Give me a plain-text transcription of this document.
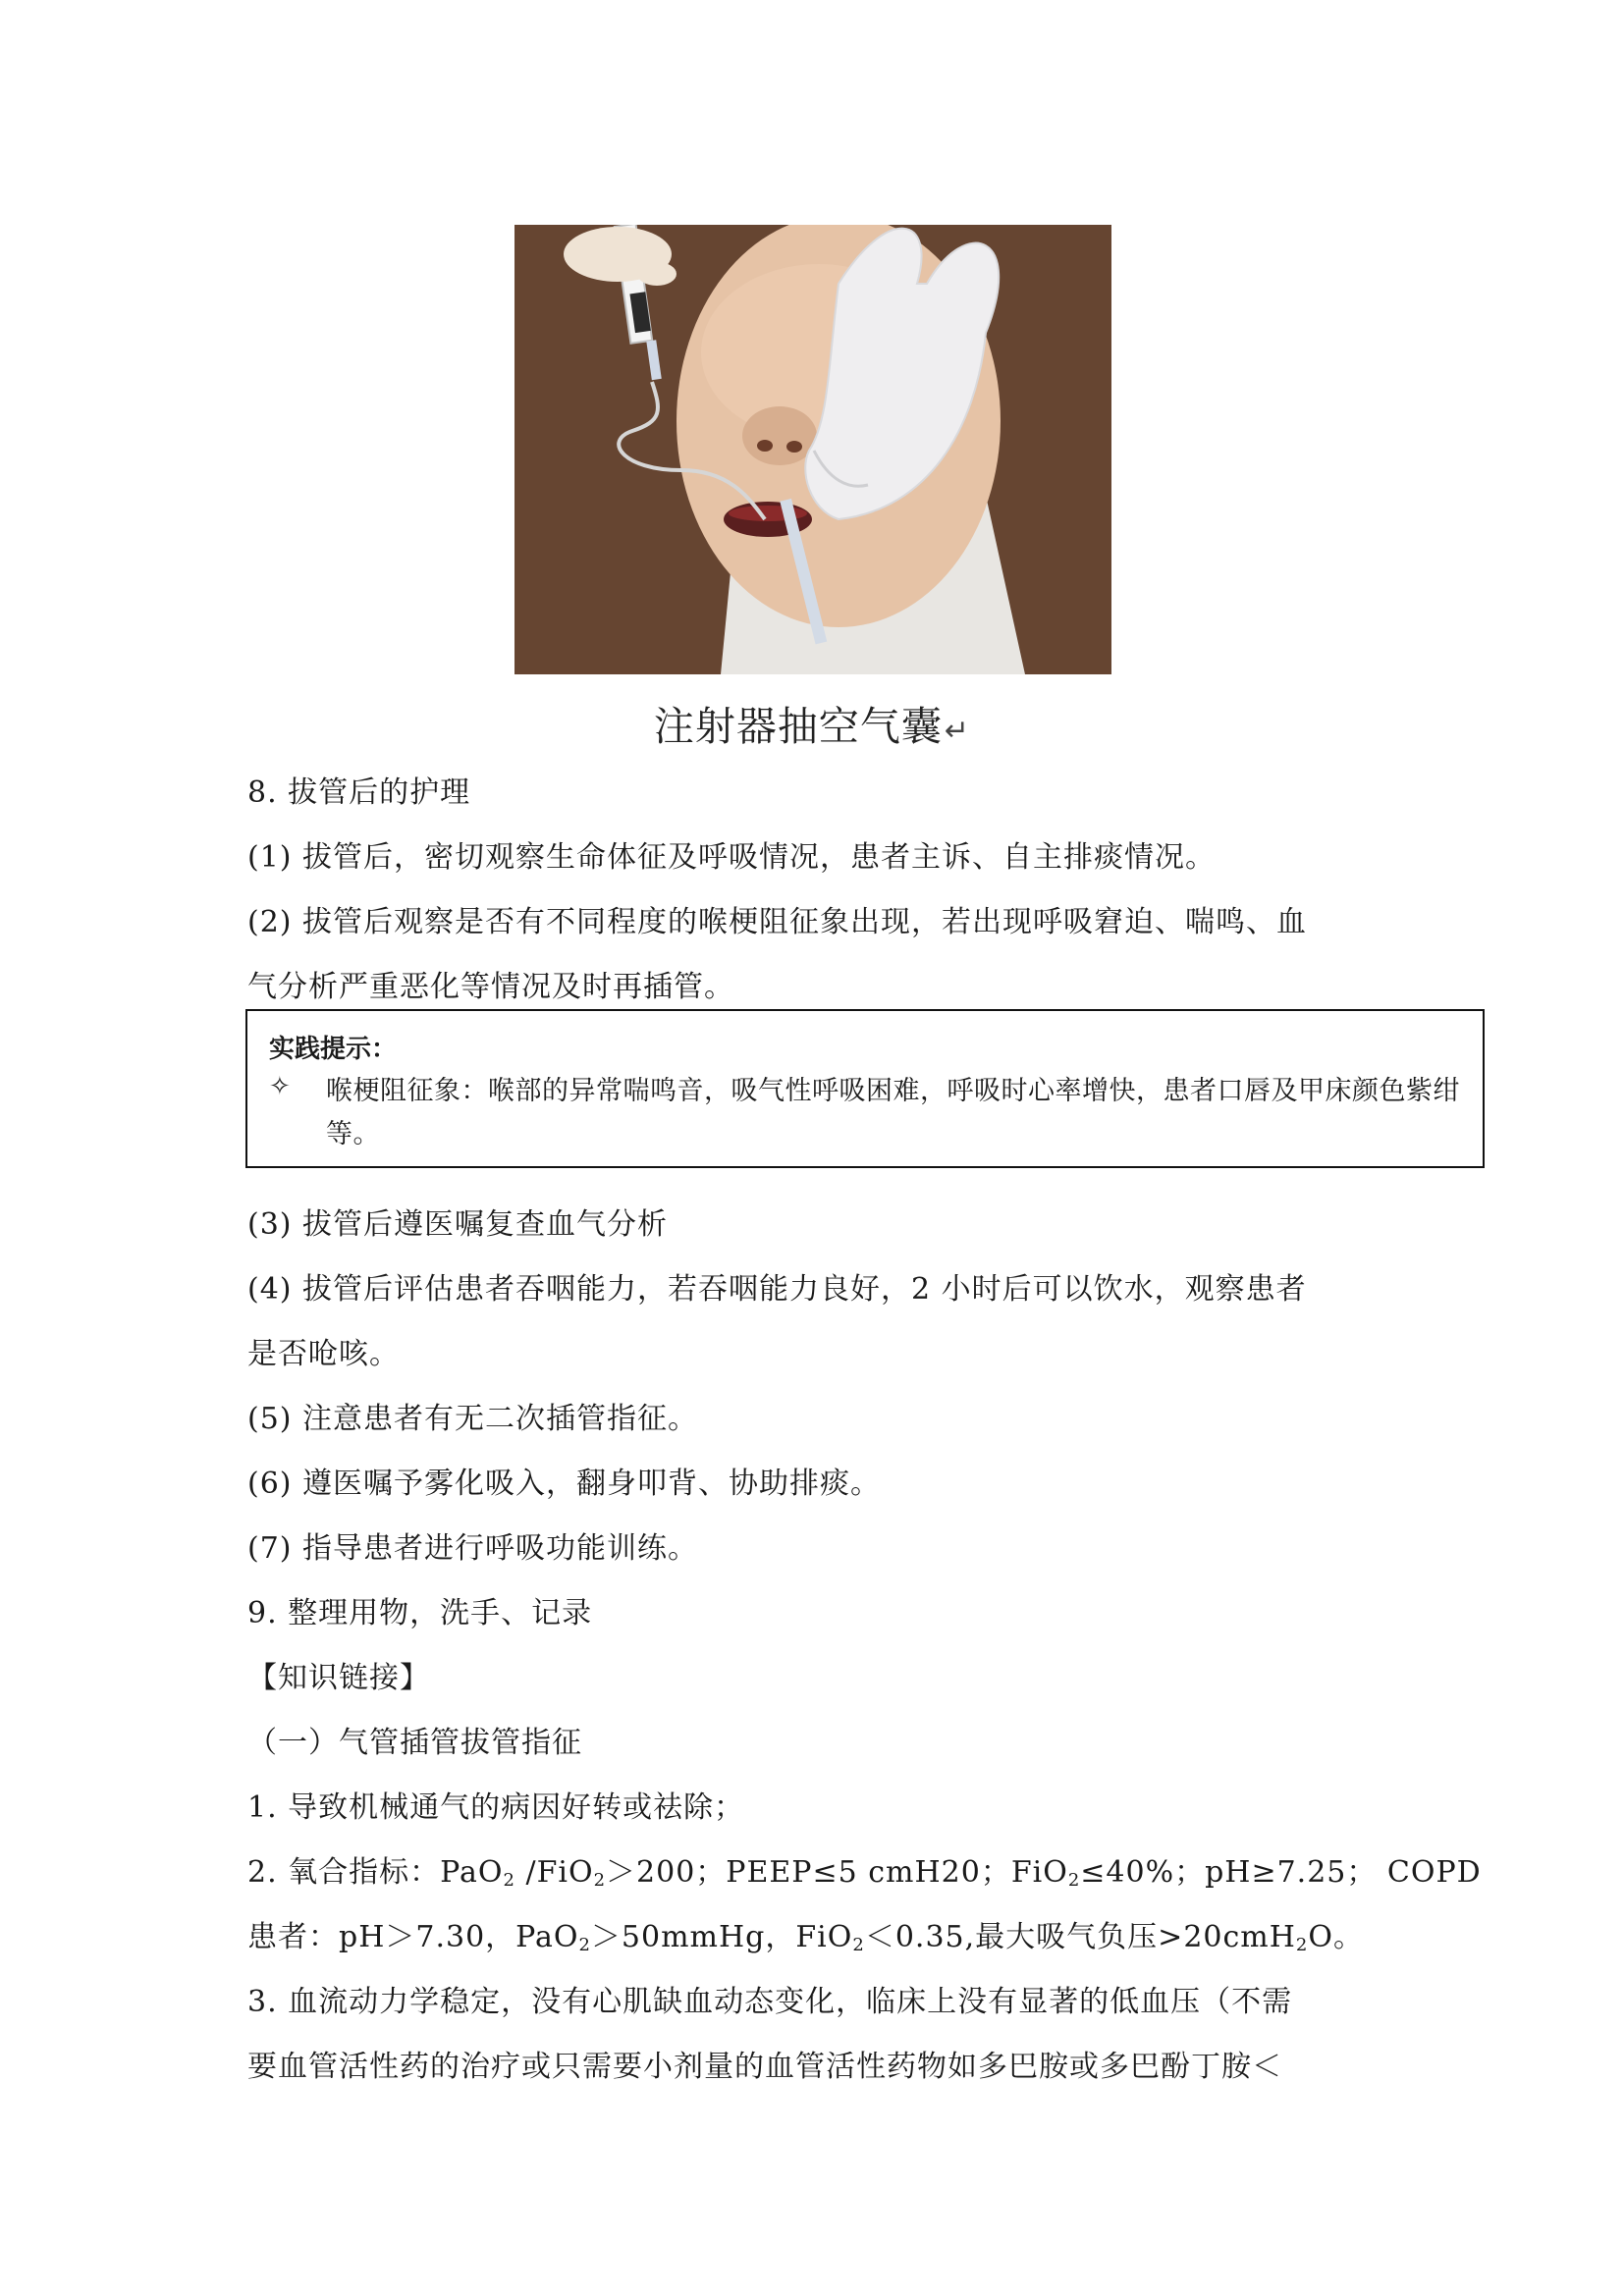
注射器抽空气囊↵
8. 拔管后的护理
(1) 拔管后，密切观察生命体征及呼吸情况，患者主诉、自主排痰情况。
(2) 拔管后观察是否有不同程度的喉梗阻征象出现，若出现呼吸窘迫、喘鸣、血
气分析严重恶化等情况及时再插管。
实践提示：
✧ 喉梗阻征象：喉部的异常喘鸣音，吸气性呼吸困难，呼吸时心率增快，患者口唇及甲床颜色紫绀等。
(3) 拔管后遵医嘱复查血气分析
(4) 拔管后评估患者吞咽能力，若吞咽能力良好，2 小时后可以饮水，观察患者
是否呛咳。
(5) 注意患者有无二次插管指征。
(6) 遵医嘱予雾化吸入，翻身叩背、协助排痰。
(7) 指导患者进行呼吸功能训练。
9. 整理用物，洗手、记录
【知识链接】
（一）气管插管拔管指征
1. 导致机械通气的病因好转或祛除；
2. 氧合指标：PaO$_2$ /FiO$_2$＞200；PEEP≤5 cmH20；FiO$_2$≤40%；pH≥7.25； COPD
患者：pH＞7.30，PaO$_2$＞50mmHg，FiO$_2$＜0.35,最大吸气负压>20cmH$_2$O。
3. 血流动力学稳定，没有心肌缺血动态变化，临床上没有显著的低血压（不需
要血管活性药的治疗或只需要小剂量的血管活性药物如多巴胺或多巴酚丁胺＜
